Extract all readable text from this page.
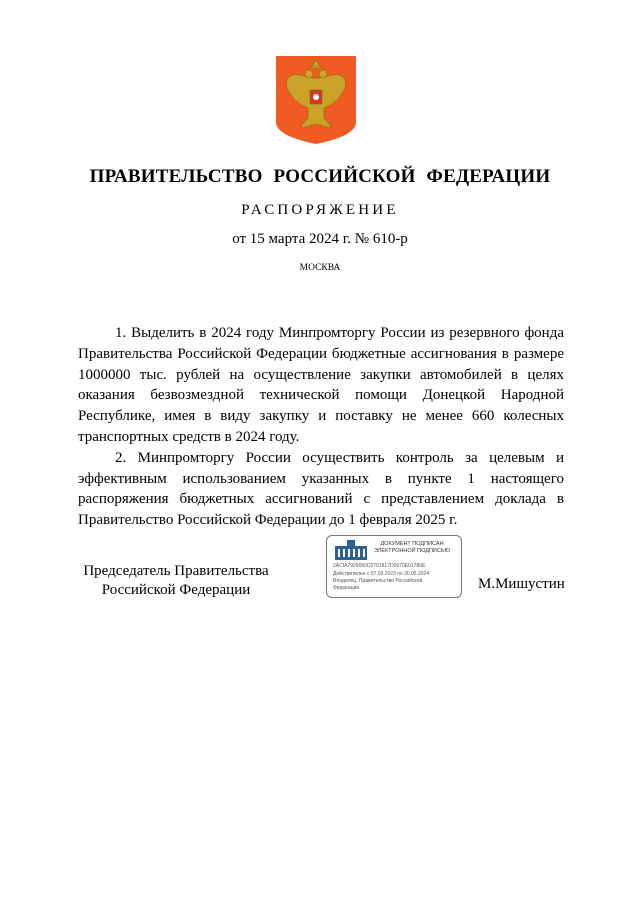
ПРАВИТЕЛЬСТВО РОССИЙСКОЙ ФЕДЕРАЦИИ
РАСПОРЯЖЕНИЕ
от 15 марта 2024 г. № 610-р
МОСКВА

1. Выделить в 2024 году Минпромторгу России из резервного фонда Правительства Российской Федерации бюджетные ассигнования в размере 1000000 тыс. рублей на осуществление закупки автомобилей в целях оказания безвозмездной технической помощи Донецкой Народной Республике, имея в виду закупку и поставку не менее 660 колесных транспортных средств в 2024 году.

2. Минпромторгу России осуществить контроль за целевым и эффективным использованием указанных в пункте 1 настоящего распоряжения бюджетных ассигнований с представлением доклада в Правительство Российской Федерации до 1 февраля 2025 г.

Председатель Правительства
Российской Федерации
ДОКУМЕНТ ПОДПИСАН
ЭЛЕКТРОННОЙ ПОДПИСЬЮ
2ACIA7929050C0761817D0970E01780E
Действителен с 07.03.2023 по 30.05.2024
Владелец: Правительство Российской
Федерации	М.Мишустин
